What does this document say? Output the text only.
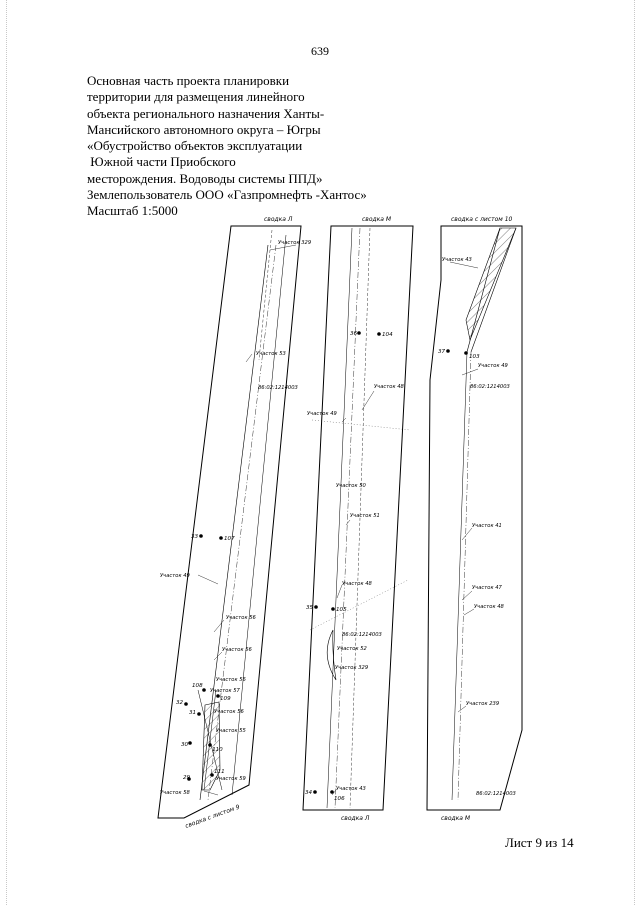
639
Основная часть проекта планировки
территории для размещения линейного
объекта регионального назначения Ханты-
Мансийского автономного округа – Югры
«Обустройство объектов эксплуатации
Южной части Приобского
месторождения. Водоводы системы ППД»
Землепользователь ООО «Газпромнефть -Хантос»
Масштаб 1:5000
Участок 329
Участок 53
86:02:1214003
Участок 49
Участок 56
Участок 56
Участок 56
Участок 57
Участок 56
Участок 55
Участок 59
Участок 58
33	107
108
109
32
31
30
110
29
111
сводка Л
сводка с листом 9
Участок 48
Участок 49
Участок 50
Участок 51
Участок 48
86:02:1214003
Участок 52
Участок 329
Участок 43
36	104
35	105
34
106
сводка М
сводка Л
Участок 43
Участок 49
86:02:1214003
Участок 41
Участок 47
Участок 48
Участок 239
86:02:1214003
37
103
сводка с листом 10
сводка М
Лист 9 из 14
